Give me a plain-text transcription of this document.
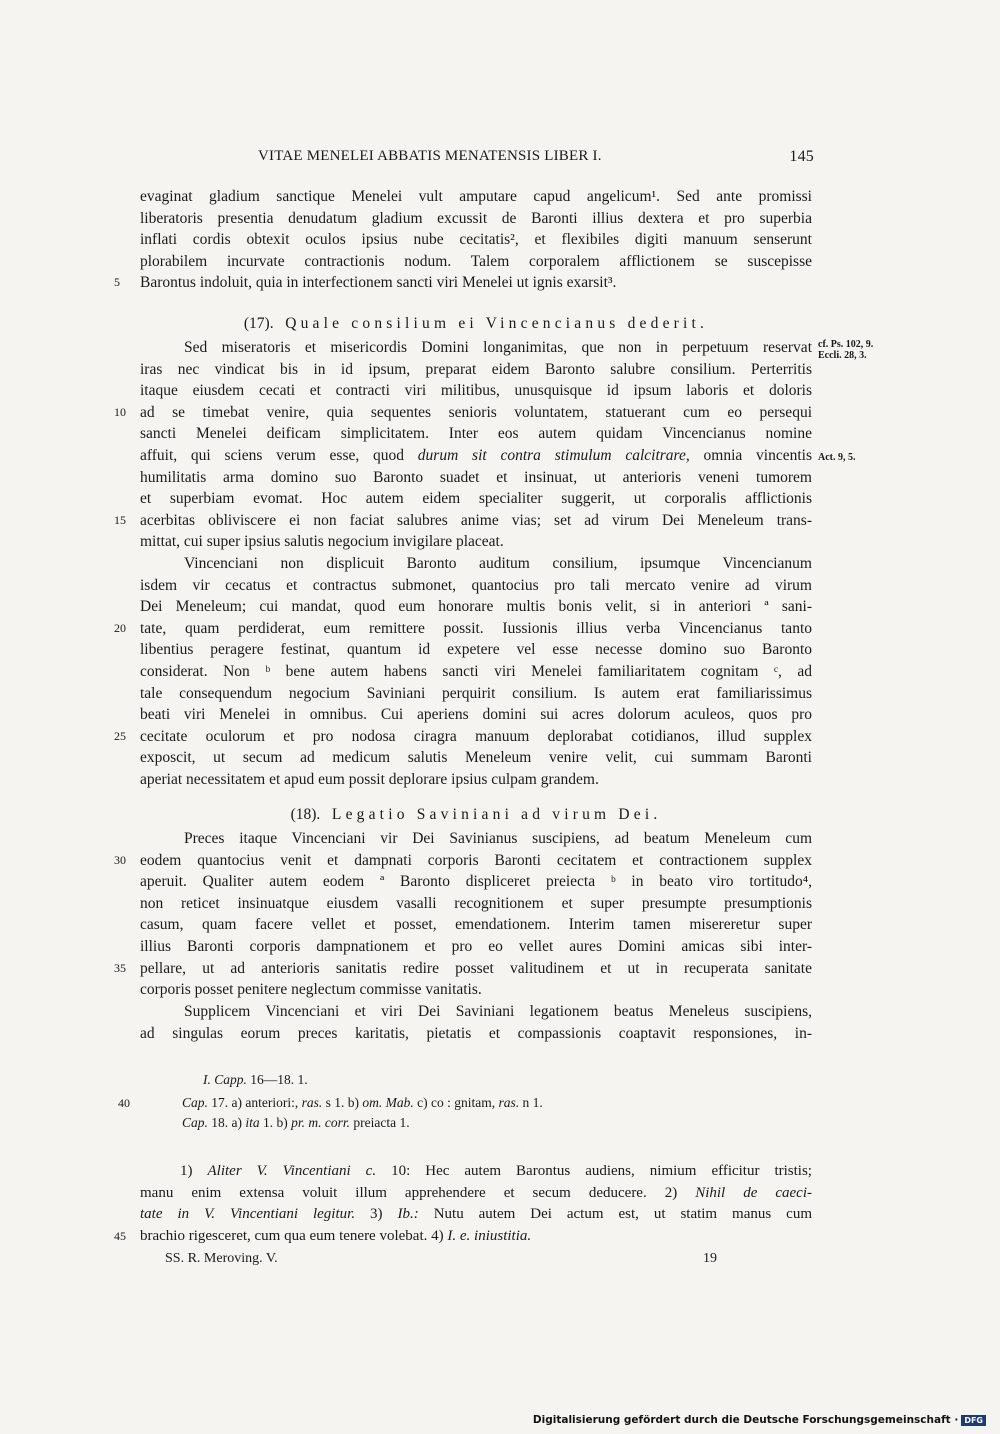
VITAE MENELEI ABBATIS MENATENSIS LIBER I.	145
evaginat gladium sanctique Menelei vult amputare capud angelicum¹. Sed ante promissi
liberatoris presentia denudatum gladium excussit de Baronti illius dextera et pro superbia
inflati cordis obtexit oculos ipsius nube cecitatis², et flexibiles digiti manuum senserunt
plorabilem incurvate contractionis nodum. Talem corporalem afflictionem se suscepisse
5	Barontus indoluit, quia in interfectionem sancti viri Menelei ut ignis exarsit³.
(17). Quale consilium ei Vincencianus dederit.
cf. Ps. 102, 9.
Eccli. 28, 3.
Act. 9, 5.
Sed miseratoris et misericordis Domini longanimitas, que non in perpetuum reservat
iras nec vindicat bis in id ipsum, preparat eidem Baronto salubre consilium. Perterritis
itaque eiusdem cecati et contracti viri militibus, unusquisque id ipsum laboris et doloris
10 ad se timebat venire, quia sequentes senioris voluntatem, statuerant cum eo persequi
sancti Menelei deificam simplicitatem. Inter eos autem quidam Vincencianus nomine
affuit, qui sciens verum esse, quod durum sit contra stimulum calcitrare, omnia vincentis
humilitatis arma domino suo Baronto suadet et insinuat, ut anterioris veneni tumorem
et superbiam evomat. Hoc autem eidem specialiter suggerit, ut corporalis afflictionis
15 acerbitas obliviscere ei non faciat salubres anime vias; set ad virum Dei Meneleum trans-
mittat, cui super ipsius salutis negocium invigilare placeat.
Vincenciani non displicuit Baronto auditum consilium, ipsumque Vincencianum
isdem vir cecatus et contractus submonet, quantocius pro tali mercato venire ad virum
Dei Meneleum; cui mandat, quod eum honorare multis bonis velit, si in anteriori ª sani-
20 tate, quam perdiderat, eum remittere possit. Iussionis illius verba Vincencianus tanto
libentius peragere festinat, quantum id expetere vel esse necesse domino suo Baronto
considerat. Non ᵇ bene autem habens sancti viri Menelei familiaritatem cognitam ᶜ, ad
tale consequendum negocium Saviniani perquirit consilium. Is autem erat familiarissimus
beati viri Menelei in omnibus. Cui aperiens domini sui acres dolorum aculeos, quos pro
25 cecitate oculorum et pro nodosa ciragra manuum deplorabat cotidianos, illud supplex
exposcit, ut secum ad medicum salutis Meneleum venire velit, cui summam Baronti
aperiat necessitatem et apud eum possit deplorare ipsius culpam grandem.
(18). Legatio Saviniani ad virum Dei.
Preces itaque Vincenciani vir Dei Savinianus suscipiens, ad beatum Meneleum cum
30 eodem quantocius venit et dampnati corporis Baronti cecitatem et contractionem supplex
aperuit. Qualiter autem eodem ª Baronto displiceret preiecta ᵇ in beato viro tortitudo⁴,
non reticet insinuatque eiusdem vasalli recognitionem et super presumpte presumptionis
casum, quam facere vellet et posset, emendationem. Interim tamen misereretur super
illius Baronti corporis dampnationem et pro eo vellet aures Domini amicas sibi inter-
35 pellare, ut ad anterioris sanitatis redire posset valitudinem et ut in recuperata sanitate
corporis posset penitere neglectum commisse vanitatis.
Supplicem Vincenciani et viri Dei Saviniani legationem beatus Meneleus suscipiens,
ad singulas eorum preces karitatis, pietatis et compassionis coaptavit responsiones, in-
I. Capp. 16—18. 1.
40	Cap. 17. a) anteriori:, ras. s 1. b) om. Mab. c) co : gnitam, ras. n 1.
Cap. 18. a) ita 1. b) pr. m. corr. preiacta 1.
1) Aliter V. Vincentiani c. 10: Hec autem Barontus audiens, nimium efficitur tristis;
manu enim extensa voluit illum apprehendere et secum deducere. 2) Nihil de caeci-
tate in V. Vincentiani legitur. 3) Ib.: Nutu autem Dei actum est, ut statim manus cum
45 brachio rigesceret, cum qua eum tenere volebat. 4) I. e. iniustitia.
SS. R. Meroving. V.	19
Digitalisierung gefördert durch die Deutsche Forschungsgemeinschaft · DFG
